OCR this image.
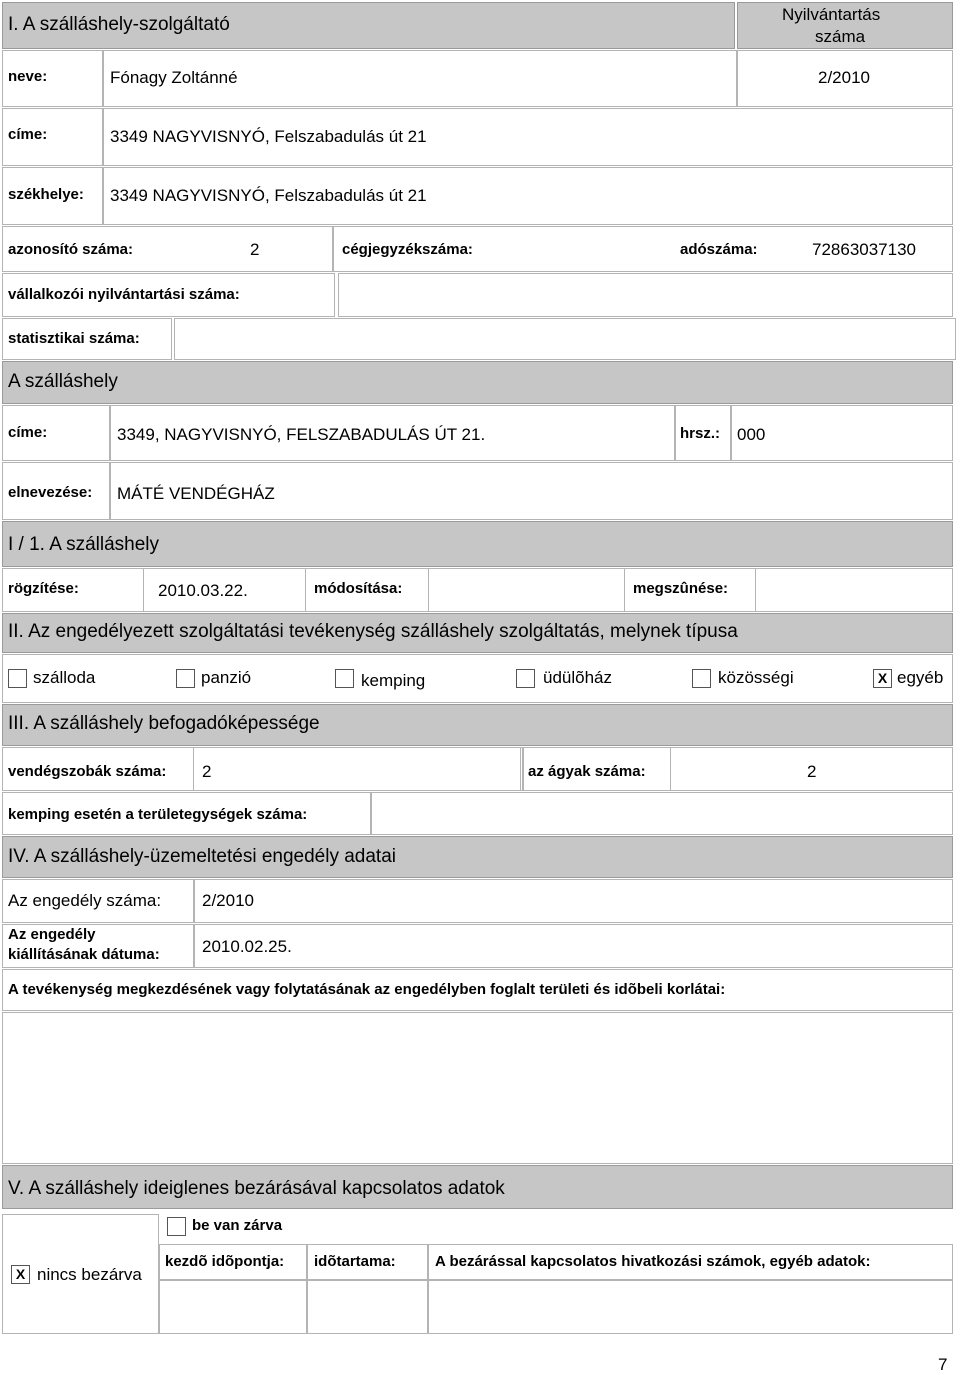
I. A szálláshely-szolgáltató	Nyilvántartás
száma
neve:	Fónagy Zoltánné	2/2010
címe:	3349 NAGYVISNYÓ, Felszabadulás út 21
székhelye: 3349 NAGYVISNYÓ, Felszabadulás út 21
azonosító száma:	2	cégjegyzékszáma:	adószáma:	72863037130
vállalkozói nyilvántartási száma:
statisztikai száma:
A szálláshely
címe:	3349, NAGYVISNYÓ, FELSZABADULÁS ÚT 21.	hrsz.: 000
elnevezése: MÁTÉ VENDÉGHÁZ
I / 1. A szálláshely
rögzítése:	2010.03.22.	módosítása:	megszûnése:
II. Az engedélyezett szolgáltatási tevékenység szálláshely szolgáltatás, melynek típusa
szálloda	panzió	kemping	üdülõház	közösségi	X egyéb
III. A szálláshely befogadóképessége
vendégszobák száma: 2	az ágyak száma:	2
kemping esetén a területegységek száma:
IV. A szálláshely-üzemeltetési engedély adatai
Az engedély száma: 2/2010
Az engedély
kiállításának dátuma: 2010.02.25.
A tevékenység megkezdésének vagy folytatásának az engedélyben foglalt területi és idõbeli korlátai:
V. A szálláshely ideiglenes bezárásával kapcsolatos adatok
X nincs bezárva
be van zárva
kezdõ idõpontja: idõtartama:	A bezárással kapcsolatos hivatkozási számok, egyéb adatok:
7
